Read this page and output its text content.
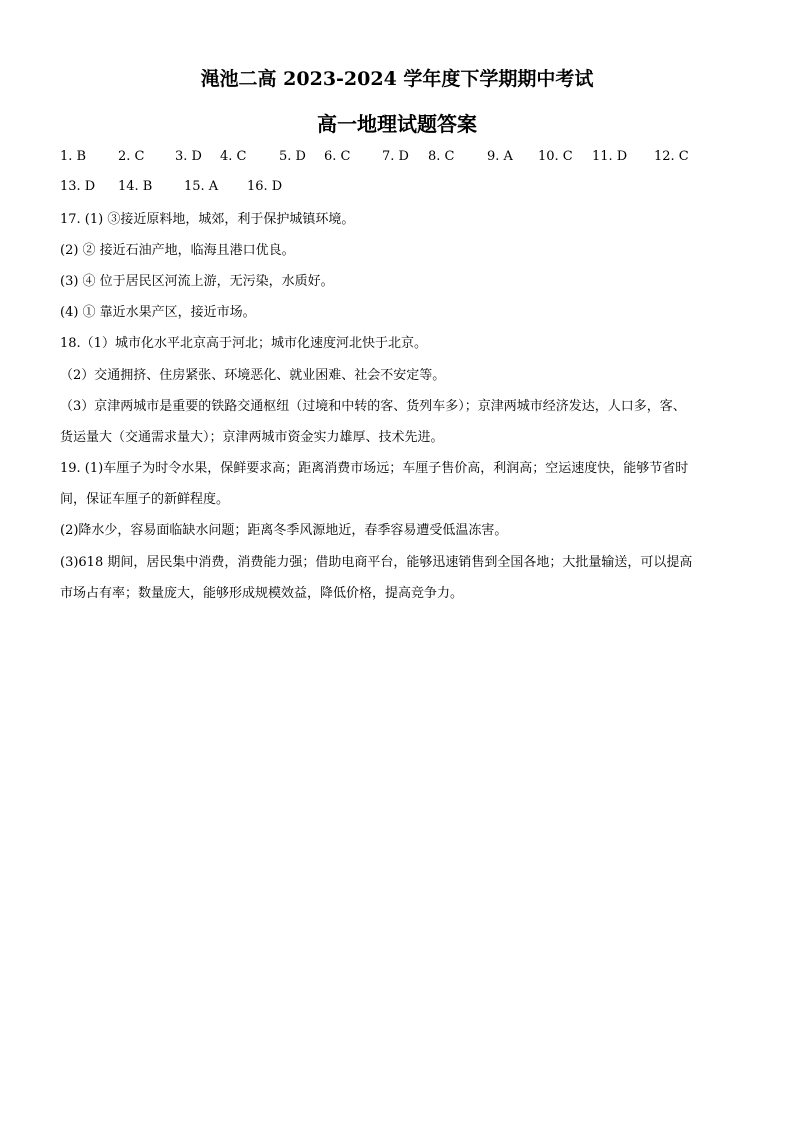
渑池二高 2023-2024 学年度下学期期中考试
高一地理试题答案
1. B 2. C 3. D 4. C	5. D 6. C 7. D 8. C	9. A 10. C 11. D 12. C
13. D 14. B 15. A 16. D
17. (1) ③接近原料地，城郊，利于保护城镇环境。
(2) ② 接近石油产地，临海且港口优良。
(3) ④ 位于居民区河流上游，无污染，水质好。
(4) ① 靠近水果产区，接近市场。
18.（1）城市化水平北京高于河北；城市化速度河北快于北京。
（2）交通拥挤、住房紧张、环境恶化、就业困难、社会不安定等。
（3）京津两城市是重要的铁路交通枢纽（过境和中转的客、货列车多）；京津两城市经济发达，人口多，客、
货运量大（交通需求量大）；京津两城市资金实力雄厚、技术先进。
19. (1)车厘子为时令水果，保鲜要求高；距离消费市场远；车厘子售价高，利润高；空运速度快，能够节省时
间，保证车厘子的新鲜程度。
(2)降水少，容易面临缺水问题；距离冬季风源地近，春季容易遭受低温冻害。
(3)618 期间，居民集中消费，消费能力强；借助电商平台，能够迅速销售到全国各地；大批量输送，可以提高
市场占有率；数量庞大，能够形成规模效益，降低价格，提高竞争力。
